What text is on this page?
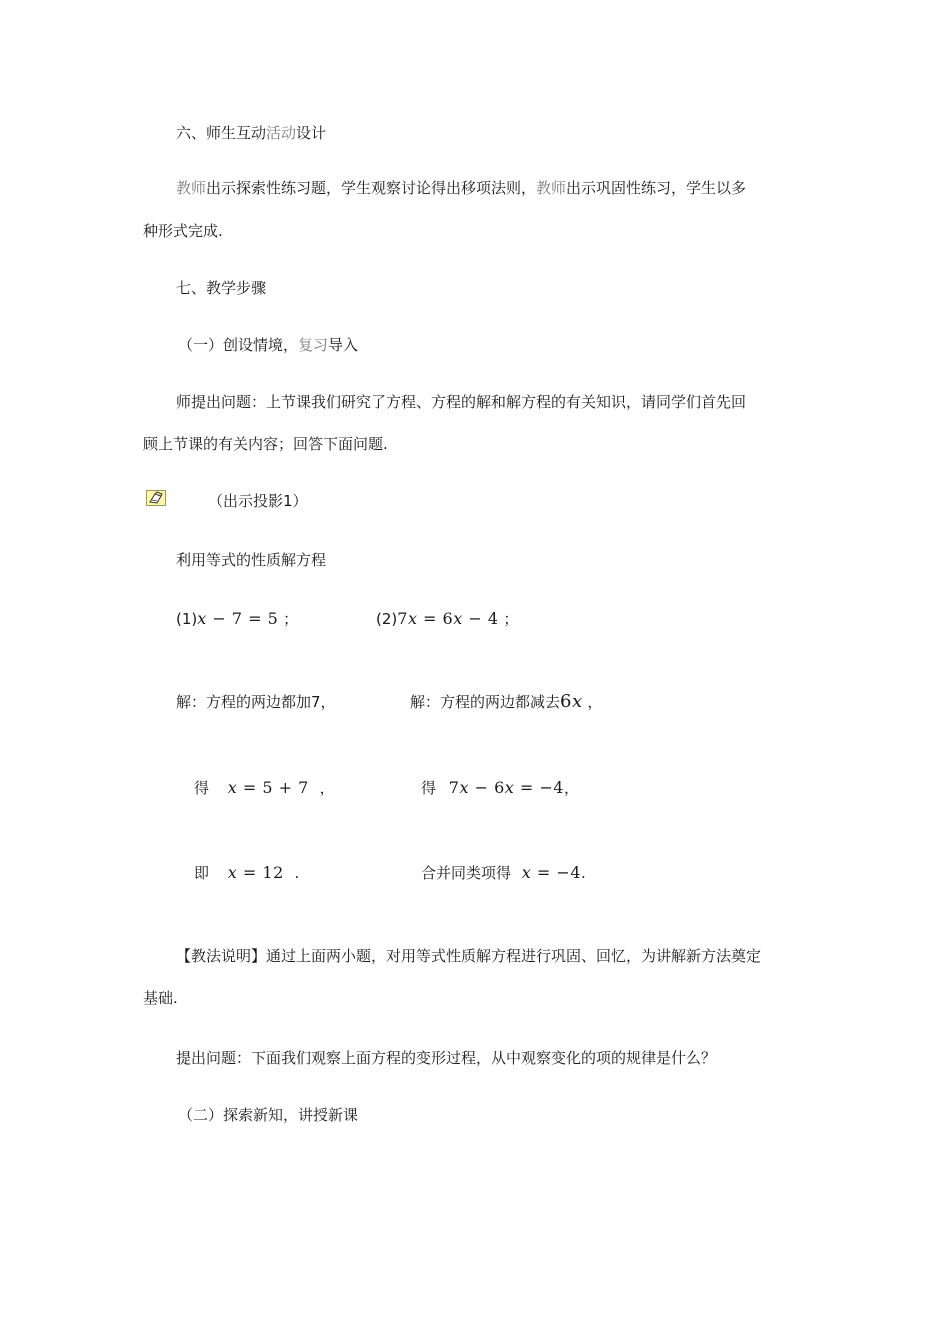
六、师生互动活动设计
教师出示探索性练习题，学生观察讨论得出移项法则，教师出示巩固性练习，学生以多
种形式完成.
七、教学步骤
（一）创设情境，复习导入
师提出问题：上节课我们研究了方程、方程的解和解方程的有关知识，请同学们首先回
顾上节课的有关内容；回答下面问题.
（出示投影1）
利用等式的性质解方程
(1)x − 7 = 5 ；	(2)7x = 6x − 4 ；
解：方程的两边都加7，
得 x = 5 + 7 ，
即 x = 12 .
解：方程的两边都减去6x ，
得 7x − 6x = −4，
合并同类项得 x = −4.
【教法说明】通过上面两小题，对用等式性质解方程进行巩固、回忆，为讲解新方法奠定
基础.
提出问题：下面我们观察上面方程的变形过程，从中观察变化的项的规律是什么？
（二）探索新知，讲授新课
